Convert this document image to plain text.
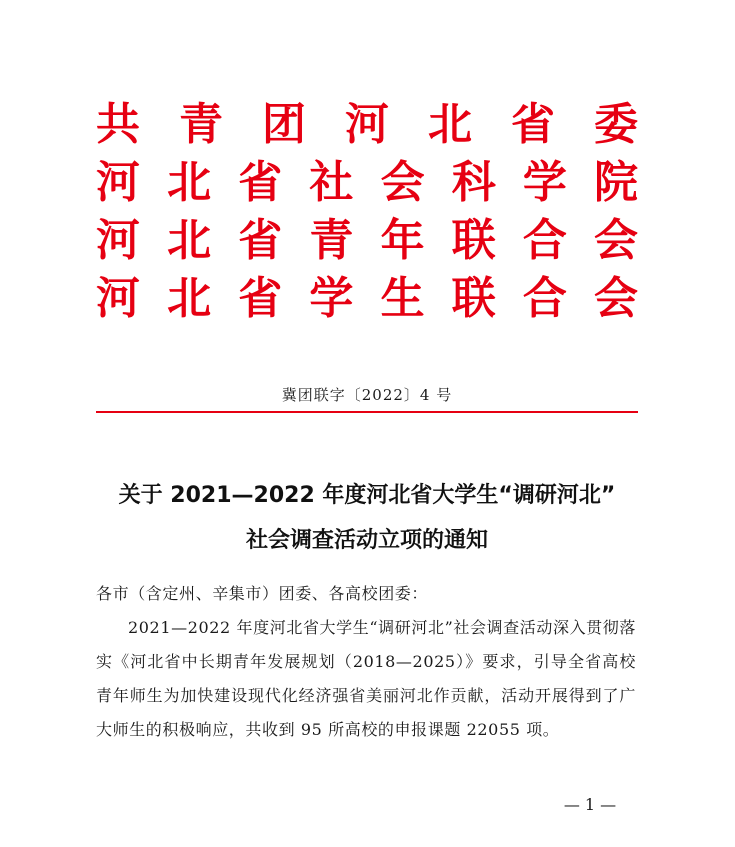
共 青 团 河 北 省 委
河 北 省 社 会 科 学 院
河 北 省 青 年 联 合 会
河 北 省 学 生 联 合 会
冀团联字〔2022〕4 号
关于 2021—2022 年度河北省大学生“调研河北”
社会调查活动立项的通知
各市（含定州、辛集市）团委、各高校团委：
2021—2022 年度河北省大学生“调研河北”社会调查活动深入贯彻落实《河北省中长期青年发展规划（2018—2025）》要求，引导全省高校青年师生为加快建设现代化经济强省美丽河北作贡献，活动开展得到了广大师生的积极响应，共收到 95 所高校的申报课题 22055 项。
— 1 —
